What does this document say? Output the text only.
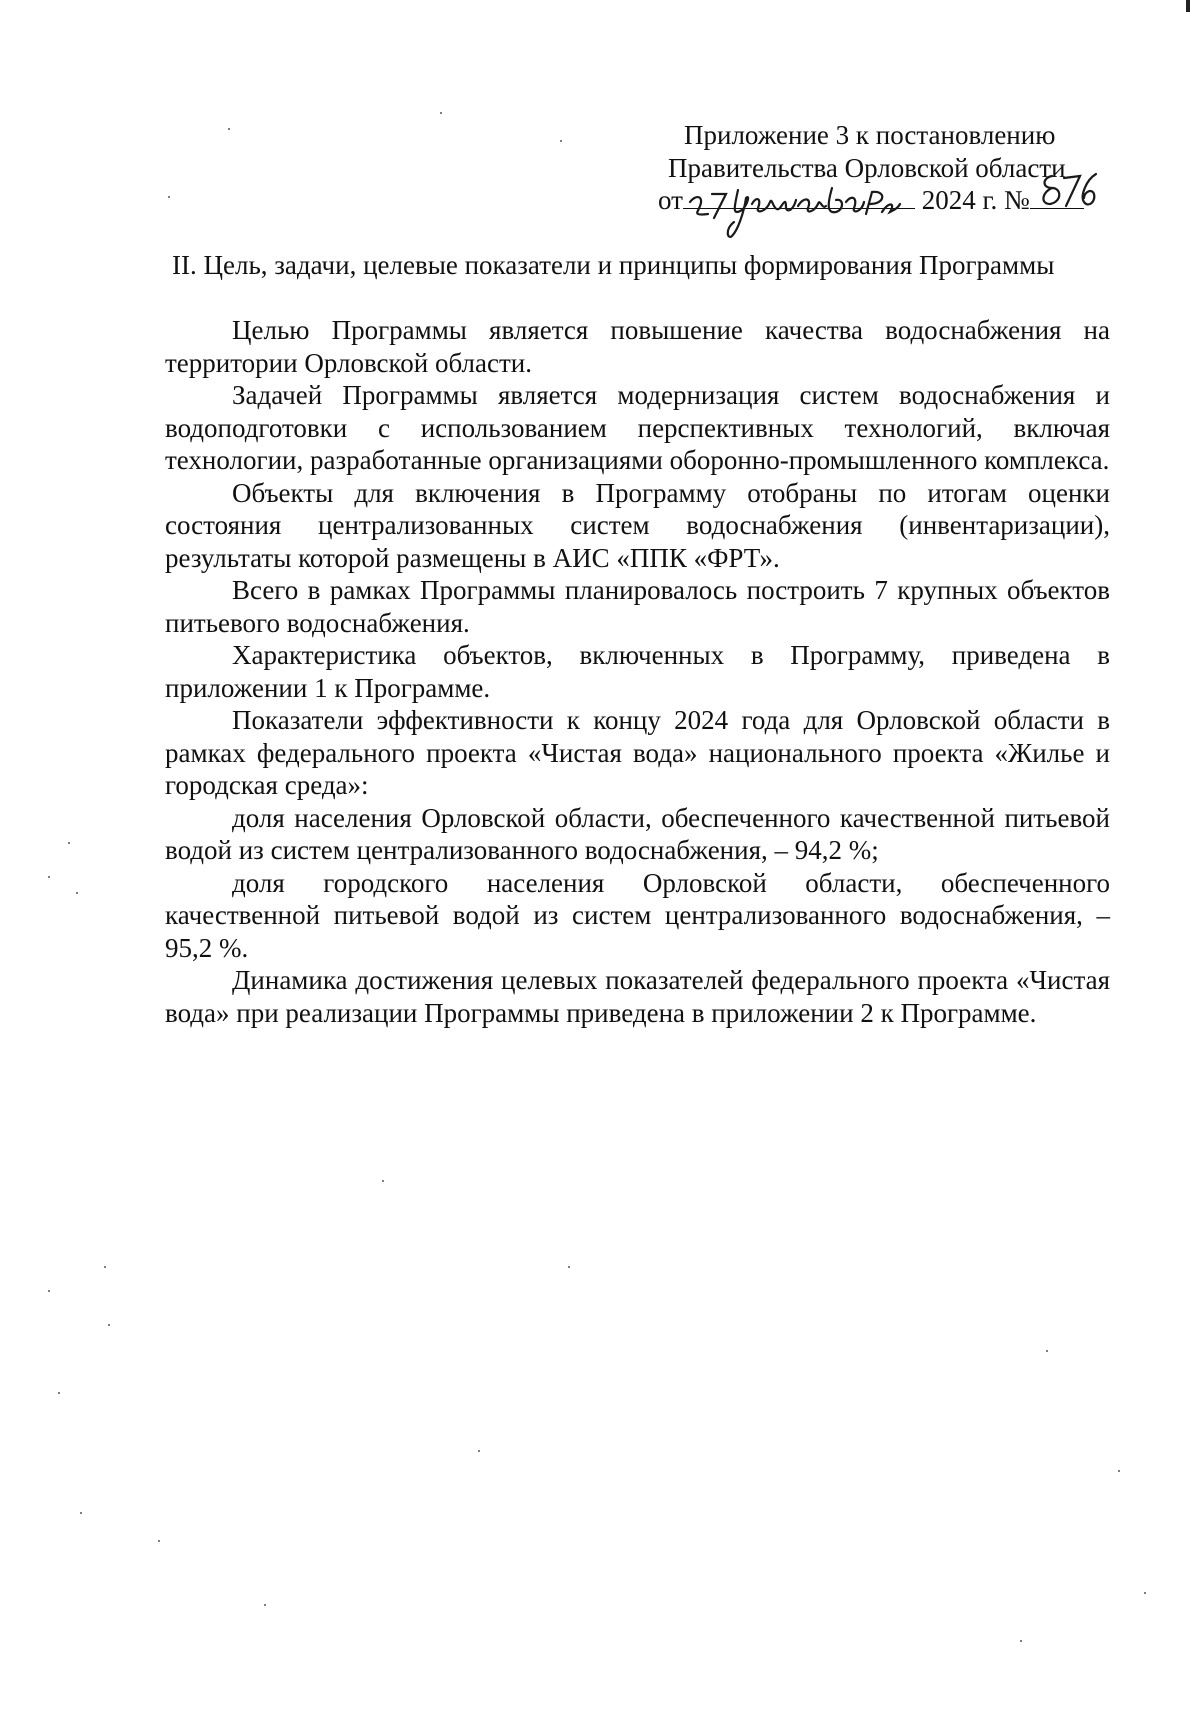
Приложение 3 к постановлению
Правительства Орловской области
от	2024 г. №
II. Цель, задачи, целевые показатели и принципы формирования Программы

Целью Программы является повышение качества водоснабжения на территории Орловской области.

Задачей Программы является модернизация систем водоснабжения и водоподготовки с использованием перспективных технологий, включая технологии, разработанные организациями оборонно-промышленного комплекса.

Объекты для включения в Программу отобраны по итогам оценки состояния централизованных систем водоснабжения (инвентаризации), результаты которой размещены в АИС «ППК «ФРТ».

Всего в рамках Программы планировалось построить 7 крупных объектов питьевого водоснабжения.

Характеристика объектов, включенных в Программу, приведена в приложении 1 к Программе.

Показатели эффективности к концу 2024 года для Орловской области в рамках федерального проекта «Чистая вода» национального проекта «Жилье и городская среда»:

доля населения Орловской области, обеспеченного качественной питьевой водой из систем централизованного водоснабжения, – 94,2 %;

доля городского населения Орловской области, обеспеченного качественной питьевой водой из систем централизованного водоснабжения, – 95,2 %.

Динамика достижения целевых показателей федерального проекта «Чистая вода» при реализации Программы приведена в приложении 2 к Программе.
